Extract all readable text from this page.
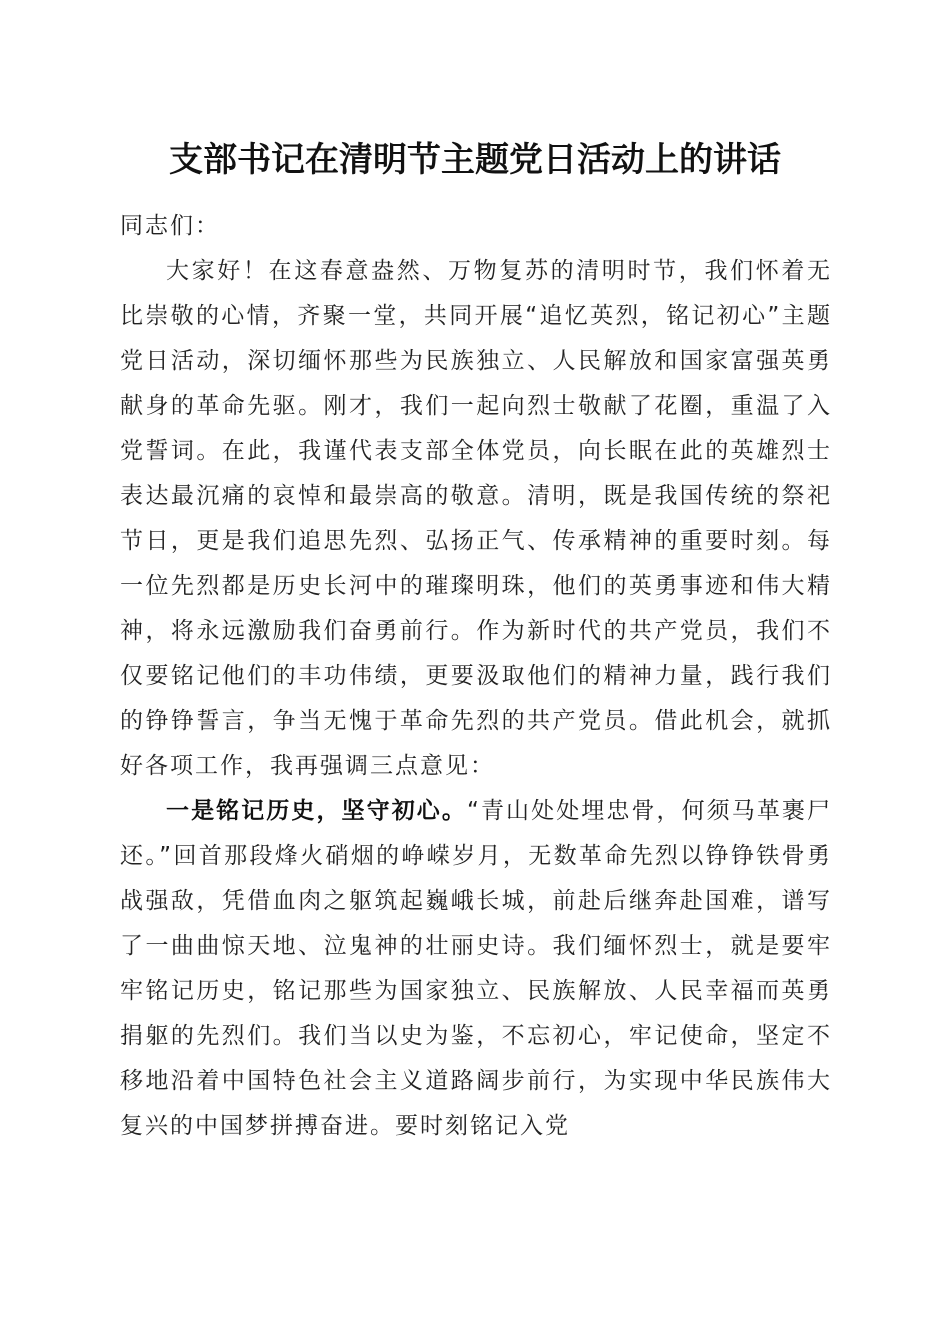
支部书记在清明节主题党日活动上的讲话

同志们：

大家好！在这春意盎然、万物复苏的清明时节，我们怀着无比崇敬的心情，齐聚一堂，共同开展“追忆英烈，铭记初心”主题党日活动，深切缅怀那些为民族独立、人民解放和国家富强英勇献身的革命先驱。刚才，我们一起向烈士敬献了花圈，重温了入党誓词。在此，我谨代表支部全体党员，向长眠在此的英雄烈士表达最沉痛的哀悼和最崇高的敬意。清明，既是我国传统的祭祀节日，更是我们追思先烈、弘扬正气、传承精神的重要时刻。每一位先烈都是历史长河中的璀璨明珠，他们的英勇事迹和伟大精神，将永远激励我们奋勇前行。作为新时代的共产党员，我们不仅要铭记他们的丰功伟绩，更要汲取他们的精神力量，践行我们的铮铮誓言，争当无愧于革命先烈的共产党员。借此机会，就抓好各项工作，我再强调三点意见：

一是铭记历史，坚守初心。“青山处处埋忠骨，何须马革裹尸还。”回首那段烽火硝烟的峥嵘岁月，无数革命先烈以铮铮铁骨勇战强敌，凭借血肉之躯筑起巍峨长城，前赴后继奔赴国难，谱写了一曲曲惊天地、泣鬼神的壮丽史诗。我们缅怀烈士，就是要牢牢铭记历史，铭记那些为国家独立、民族解放、人民幸福而英勇捐躯的先烈们。我们当以史为鉴，不忘初心，牢记使命，坚定不移地沿着中国特色社会主义道路阔步前行，为实现中华民族伟大复兴的中国梦拼搏奋进。要时刻铭记入党
